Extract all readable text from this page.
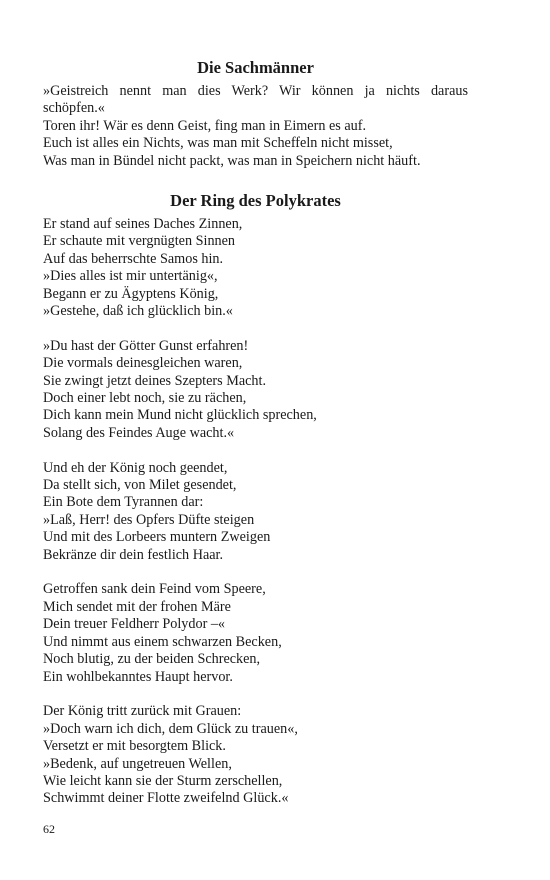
Die Sachmänner
»Geistreich nennt man dies Werk? Wir können ja nichts daraus
schöpfen.«
Toren ihr! Wär es denn Geist, fing man in Eimern es auf.
Euch ist alles ein Nichts, was man mit Scheffeln nicht misset,
Was man in Bündel nicht packt, was man in Speichern nicht häuft.
Der Ring des Polykrates
Er stand auf seines Daches Zinnen,
Er schaute mit vergnügten Sinnen
Auf das beherrschte Samos hin.
»Dies alles ist mir untertänig«,
Begann er zu Ägyptens König,
»Gestehe, daß ich glücklich bin.«
»Du hast der Götter Gunst erfahren!
Die vormals deinesgleichen waren,
Sie zwingt jetzt deines Szepters Macht.
Doch einer lebt noch, sie zu rächen,
Dich kann mein Mund nicht glücklich sprechen,
Solang des Feindes Auge wacht.«
Und eh der König noch geendet,
Da stellt sich, von Milet gesendet,
Ein Bote dem Tyrannen dar:
»Laß, Herr! des Opfers Düfte steigen
Und mit des Lorbeers muntern Zweigen
Bekränze dir dein festlich Haar.
Getroffen sank dein Feind vom Speere,
Mich sendet mit der frohen Märe
Dein treuer Feldherr Polydor –«
Und nimmt aus einem schwarzen Becken,
Noch blutig, zu der beiden Schrecken,
Ein wohlbekanntes Haupt hervor.
Der König tritt zurück mit Grauen:
»Doch warn ich dich, dem Glück zu trauen«,
Versetzt er mit besorgtem Blick.
»Bedenk, auf ungetreuen Wellen,
Wie leicht kann sie der Sturm zerschellen,
Schwimmt deiner Flotte zweifelnd Glück.«
62
